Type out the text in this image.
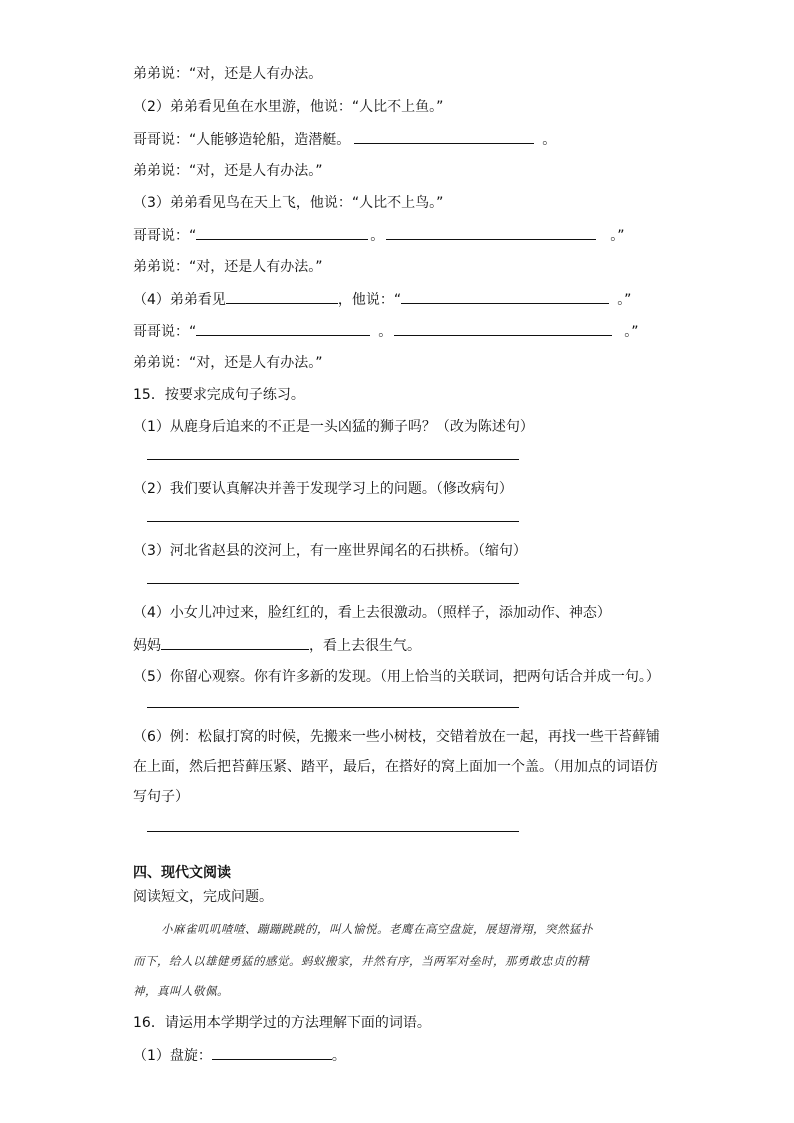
弟弟说：“对，还是人有办法。
（2）弟弟看见鱼在水里游，他说：“人比不上鱼。”
哥哥说：“人能够造轮船，造潜艇。	。
弟弟说：“对，还是人有办法。”
（3）弟弟看见鸟在天上飞，他说：“人比不上鸟。”
哥哥说：“	。	。”
弟弟说：“对，还是人有办法。”
（4）弟弟看见	，他说：“	。”
哥哥说：“	。	。”
弟弟说：“对，还是人有办法。”
15．按要求完成句子练习。
（1）从鹿身后追来的不正是一头凶猛的狮子吗？（改为陈述句）
（2）我们要认真解决并善于发现学习上的问题。（修改病句）
（3）河北省赵县的洨河上，有一座世界闻名的石拱桥。（缩句）
（4）小女儿冲过来，脸红红的，看上去很激动。（照样子，添加动作、神态）
妈妈	，看上去很生气。
（5）你留心观察。你有许多新的发现。（用上恰当的关联词，把两句话合并成一句。）
（6）例：松鼠打窝的时候，先搬来一些小树枝，交错着放在一起，再找一些干苔藓铺
在上面，然后把苔藓压紧、踏平，最后，在搭好的窝上面加一个盖。（用加点的词语仿
写句子）
四、现代文阅读
阅读短文，完成问题。
小麻雀叽叽喳喳、蹦蹦跳跳的，叫人愉悦。老鹰在高空盘旋，展翅滑翔，突然猛扑
而下，给人以雄健勇猛的感觉。蚂蚁搬家，井然有序，当两军对垒时，那勇敢忠贞的精
神，真叫人敬佩。
16．请运用本学期学过的方法理解下面的词语。
（1）盘旋：	。
